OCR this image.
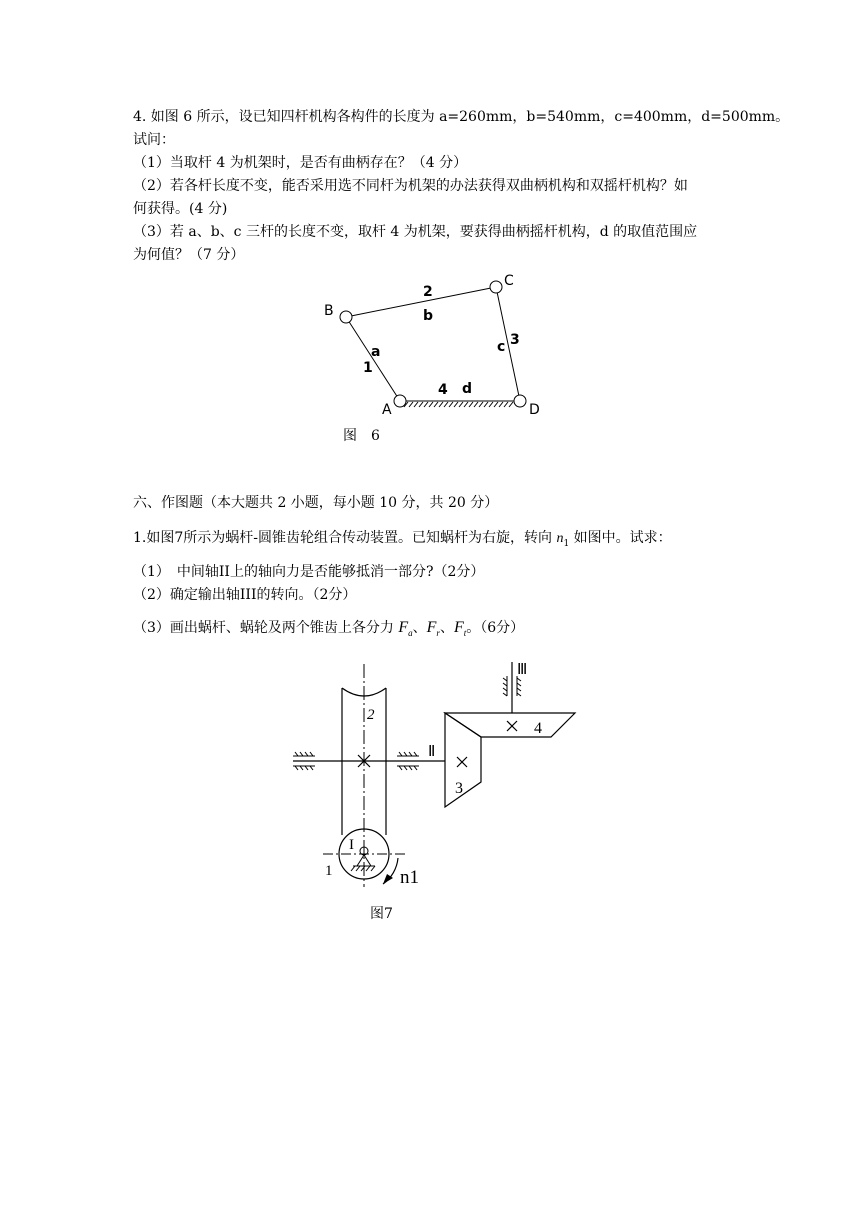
4. 如图 6 所示，设已知四杆机构各构件的长度为 a=260mm，b=540mm，c=400mm，d=500mm。
试问：
（1）当取杆 4 为机架时，是否有曲柄存在？（4 分）
（2）若各杆长度不变，能否采用选不同杆为机架的办法获得双曲柄机构和双摇杆机构？如
何获得。(4 分)
（3）若 a、b、c 三杆的长度不变，取杆 4 为机架，要获得曲柄摇杆机构，d 的取值范围应
为何值？（7 分）
B
C
A	D
2
b
a
1
c 3
4 d
图　6
六、作图题（本大题共 2 小题，每小题 10 分，共 20 分）
1.如图7所示为蜗杆-圆锥齿轮组合传动装置。已知蜗杆为右旋，转向 $n_1$ 如图中。试求：
（1）　中间轴II上的轴向力是否能够抵消一部分?（2分）
（2）确定输出轴III的转向。（2分）
（3）画出蜗杆、蜗轮及两个锥齿上各分力 $F_a$、$F_r$、$F_t$。（6分）
Ⅲ
Ⅱ
I
n1
1
2
3
4
图7
